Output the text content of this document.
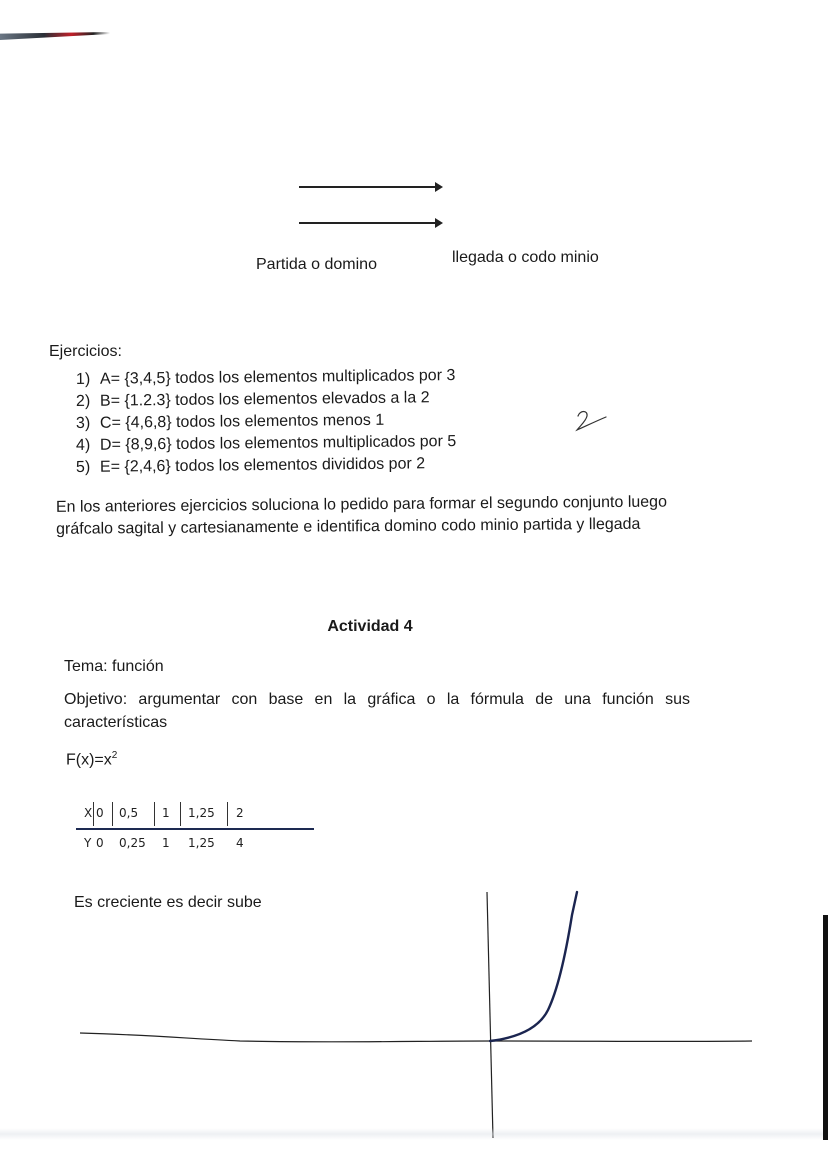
Partida o domino	llegada o codo minio
Ejercicios:
1) A= {3,4,5} todos los elementos multiplicados por 3
2) B= {1.2.3} todos los elementos elevados a la 2
3) C= {4,6,8} todos los elementos menos 1
4) D= {8,9,6} todos los elementos multiplicados por 5
5) E= {2,4,6} todos los elementos divididos por 2
En los anteriores ejercicios soluciona lo pedido para formar el segundo conjunto luego gráfcalo sagital y cartesianamente e identifica domino codo minio partida y llegada
Actividad 4
Tema: función
Objetivo: argumentar con base en la gráfica o la fórmula de una función sus características
$F(x)=x^2$
X 0 0,5 1 1,25 2
Y 0 0,25 1 1,25 4
Es creciente es decir sube
